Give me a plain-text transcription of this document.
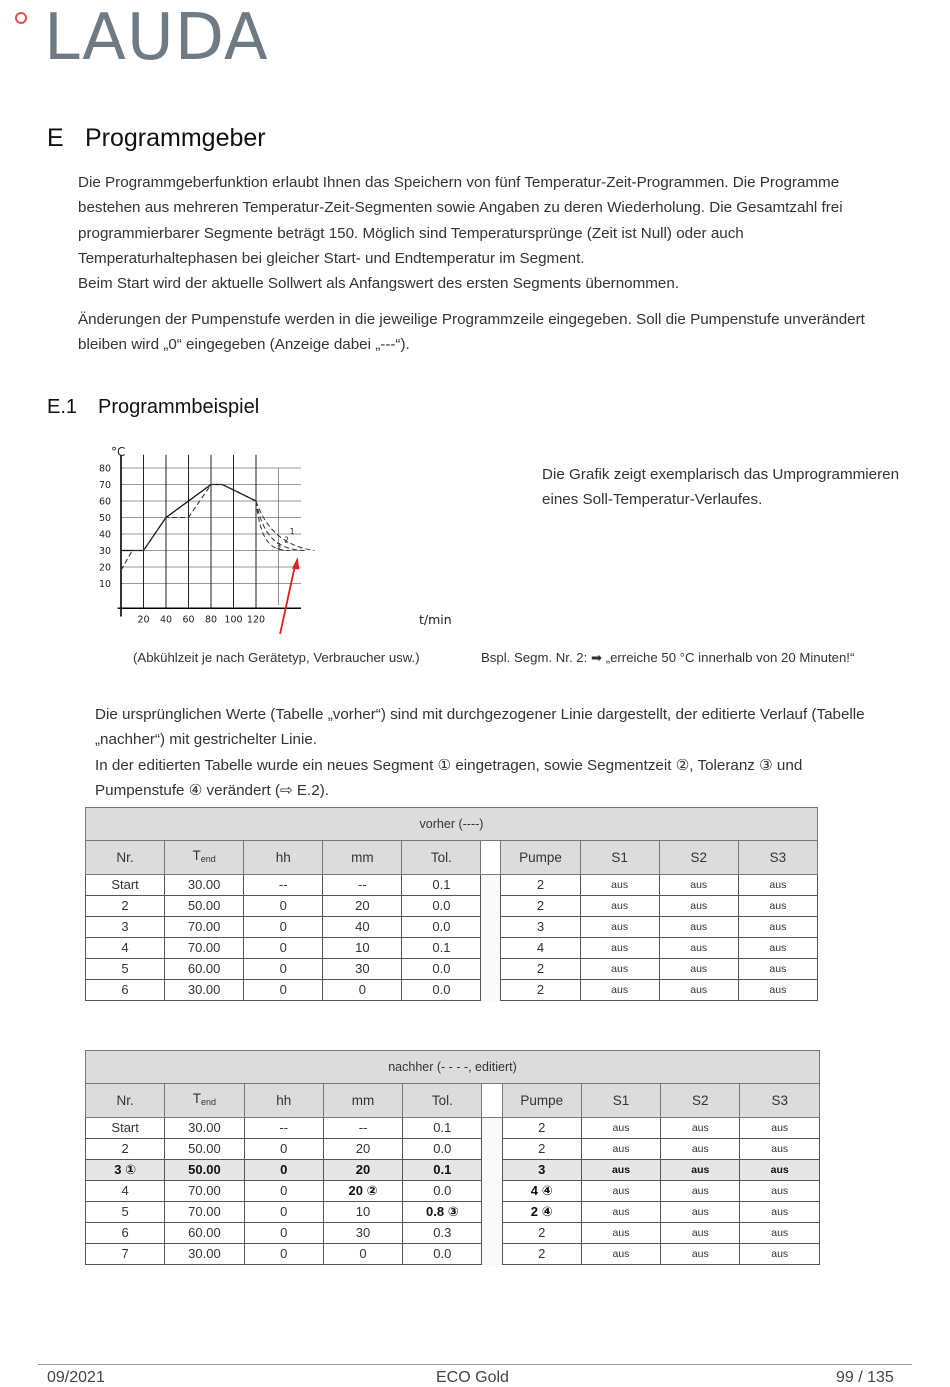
LAUDA
E Programmgeber

Die Programmgeberfunktion erlaubt Ihnen das Speichern von fünf Temperatur-Zeit-Programmen. Die Programme bestehen aus mehreren Temperatur-Zeit-Segmenten sowie Angaben zu deren Wiederholung. Die Gesamtzahl frei programmierbarer Segmente beträgt 150. Möglich sind Temperatursprünge (Zeit ist Null) oder auch Temperaturhaltephasen bei gleicher Start- und Endtemperatur im Segment.

Beim Start wird der aktuelle Sollwert als Anfangswert des ersten Segments übernommen.

Änderungen der Pumpenstufe werden in die jeweilige Programmzeile eingegeben. Soll die Pumpenstufe unverändert bleiben wird „0“ eingegeben (Anzeige dabei „---“).

E.1 Programmbeispiel
°C
t/min
80
70
60
50
40
30
20
10
20 40 60 80 100 120
1
2
3
Die Grafik zeigt exemplarisch das Umprogrammieren eines Soll-Temperatur-Verlaufes.
(Abkühlzeit je nach Gerätetyp, Verbraucher usw.)	Bspl. Segm. Nr. 2: ➡ „erreiche 50 °C innerhalb von 20 Minuten!“

Die ursprünglichen Werte (Tabelle „vorher“) sind mit durchgezogener Linie dargestellt, der editierte Verlauf (Tabelle „nachher“) mit gestrichelter Linie.

In der editierten Tabelle wurde ein neues Segment ① eingetragen, sowie Segmentzeit ②, Toleranz ③ und Pumpenstufe ④ verändert (⇨ E.2).

vorher (----)									
Nr.	$T_{end}$	hh	mm	Tol.		Pumpe	S1	S2	S3
Start	30.00	--	--	0.1		2	aus	aus	aus
2	50.00	0	20	0.0		2	aus	aus	aus
3	70.00	0	40	0.0		3	aus	aus	aus
4	70.00	0	10	0.1		4	aus	aus	aus
5	60.00	0	30	0.0		2	aus	aus	aus
6	30.00	0	0	0.0		2	aus	aus	aus
nachher (- - - -, editiert)									
Nr.	$T_{end}$	hh	mm	Tol.		Pumpe	S1	S2	S3
Start	30.00	--	--	0.1		2	aus	aus	aus
2	50.00	0	20	0.0		2	aus	aus	aus
3 ①	50.00	0	20	0.1		3	aus	aus	aus
4	70.00	0	20 ②	0.0		4 ④	aus	aus	aus
5	70.00	0	10	0.8 ③		2 ④	aus	aus	aus
6	60.00	0	30	0.3		2	aus	aus	aus
7	30.00	0	0	0.0		2	aus	aus	aus
09/2021	ECO Gold	99 / 135
